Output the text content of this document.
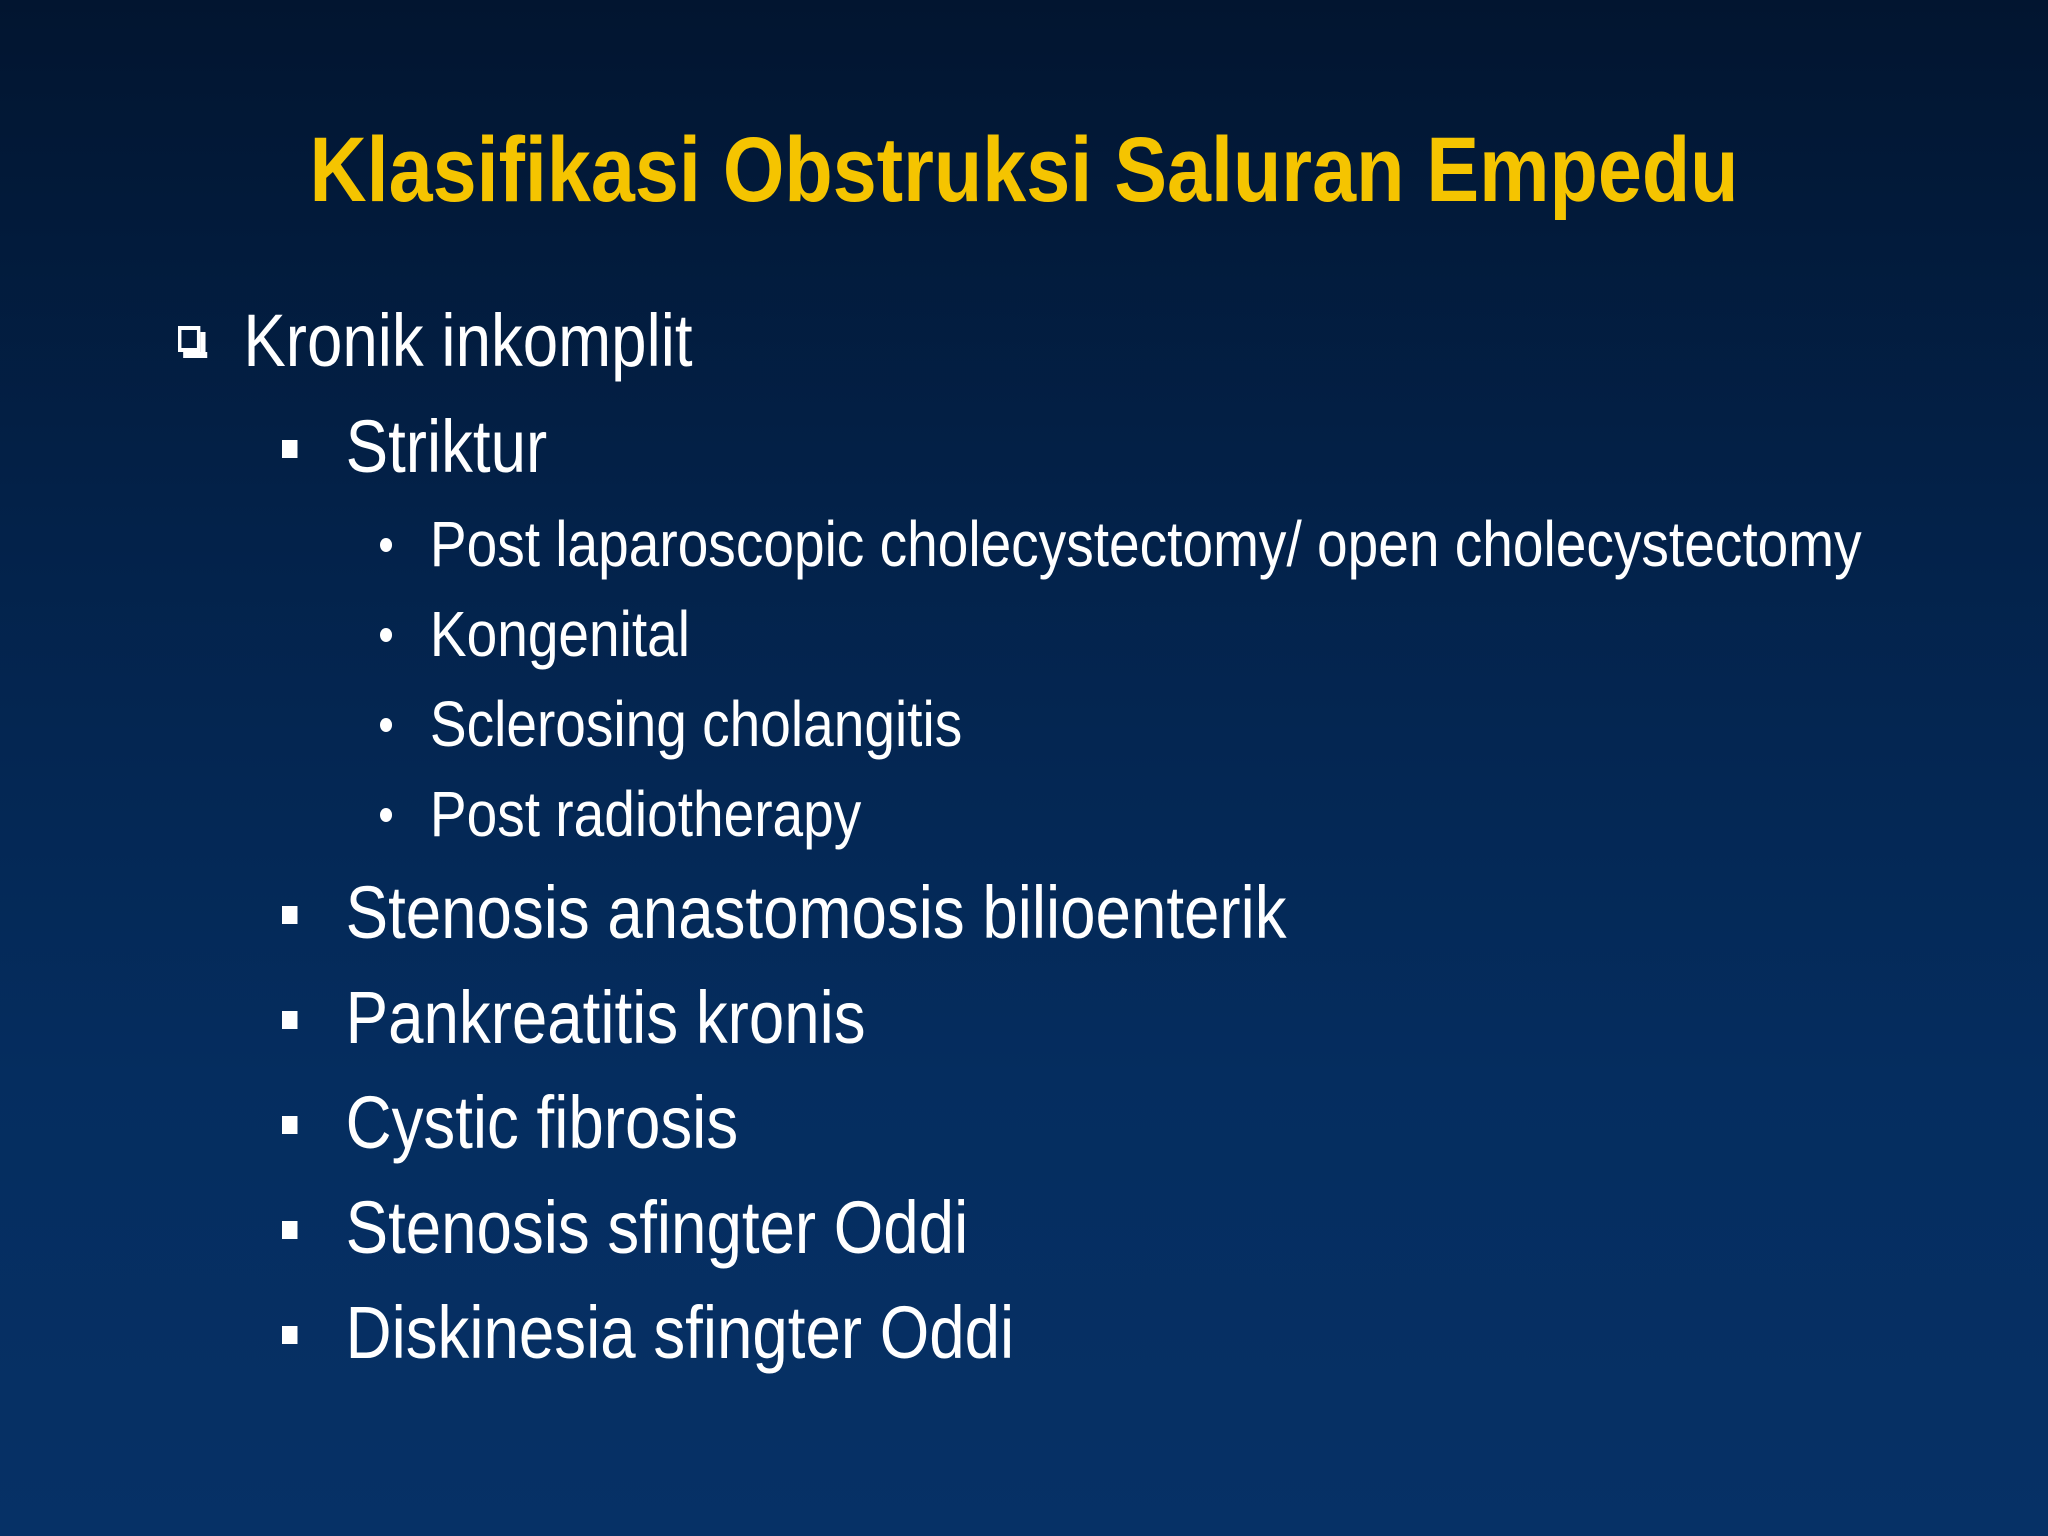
Klasifikasi Obstruksi Saluran Empedu
Kronik inkomplit
Striktur
Post laparoscopic cholecystectomy/ open cholecystectomy
Kongenital
Sclerosing cholangitis
Post radiotherapy
Stenosis anastomosis bilioenterik
Pankreatitis kronis
Cystic fibrosis
Stenosis sfingter Oddi
Diskinesia sfingter Oddi
